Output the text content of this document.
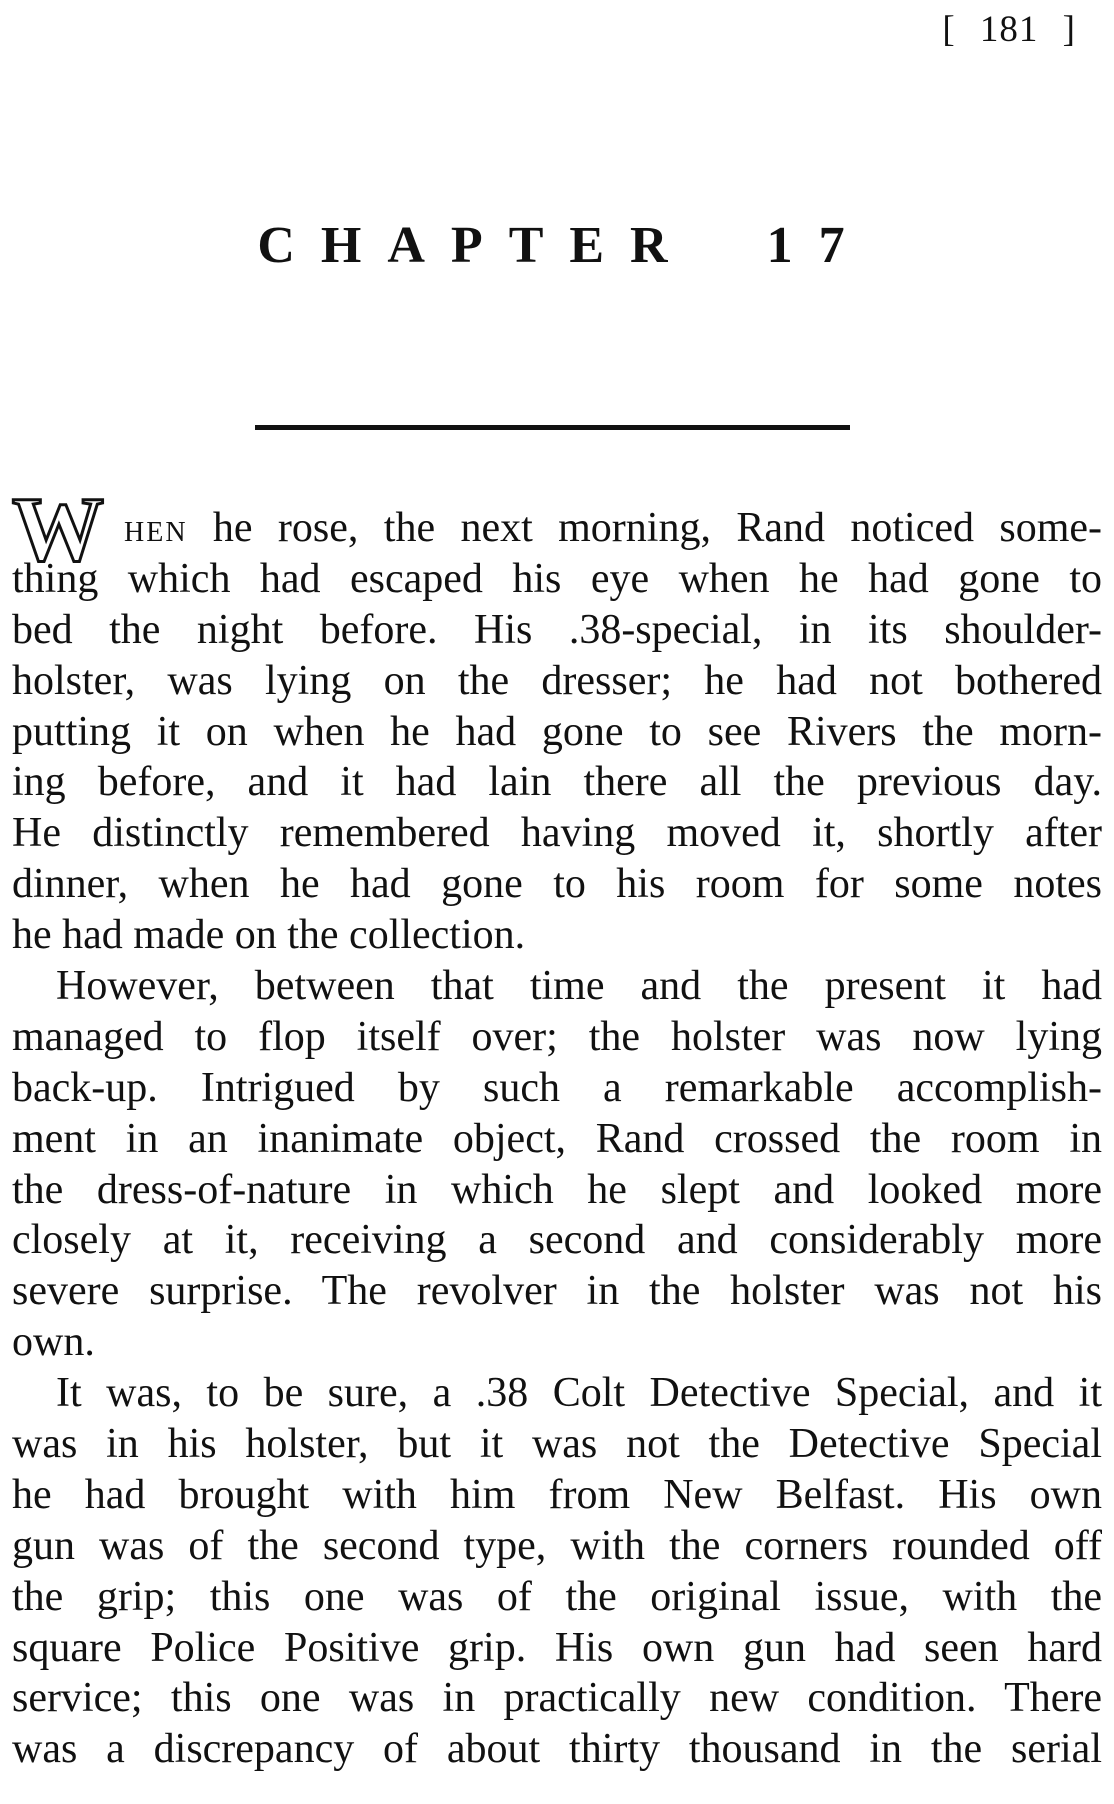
[ 181 ]
CHAPTER 17
W HEN he rose, the next morning, Rand noticed some-
thing which had escaped his eye when he had gone to
bed the night before. His .38-special, in its shoulder-
holster, was lying on the dresser; he had not bothered
putting it on when he had gone to see Rivers the morn-
ing before, and it had lain there all the previous day.
He distinctly remembered having moved it, shortly after
dinner, when he had gone to his room for some notes
he had made on the collection.
However, between that time and the present it had
managed to flop itself over; the holster was now lying
back-up. Intrigued by such a remarkable accomplish-
ment in an inanimate object, Rand crossed the room in
the dress-of-nature in which he slept and looked more
closely at it, receiving a second and considerably more
severe surprise. The revolver in the holster was not his
own.
It was, to be sure, a .38 Colt Detective Special, and it
was in his holster, but it was not the Detective Special
he had brought with him from New Belfast. His own
gun was of the second type, with the corners rounded off
the grip; this one was of the original issue, with the
square Police Positive grip. His own gun had seen hard
service; this one was in practically new condition. There
was a discrepancy of about thirty thousand in the serial
